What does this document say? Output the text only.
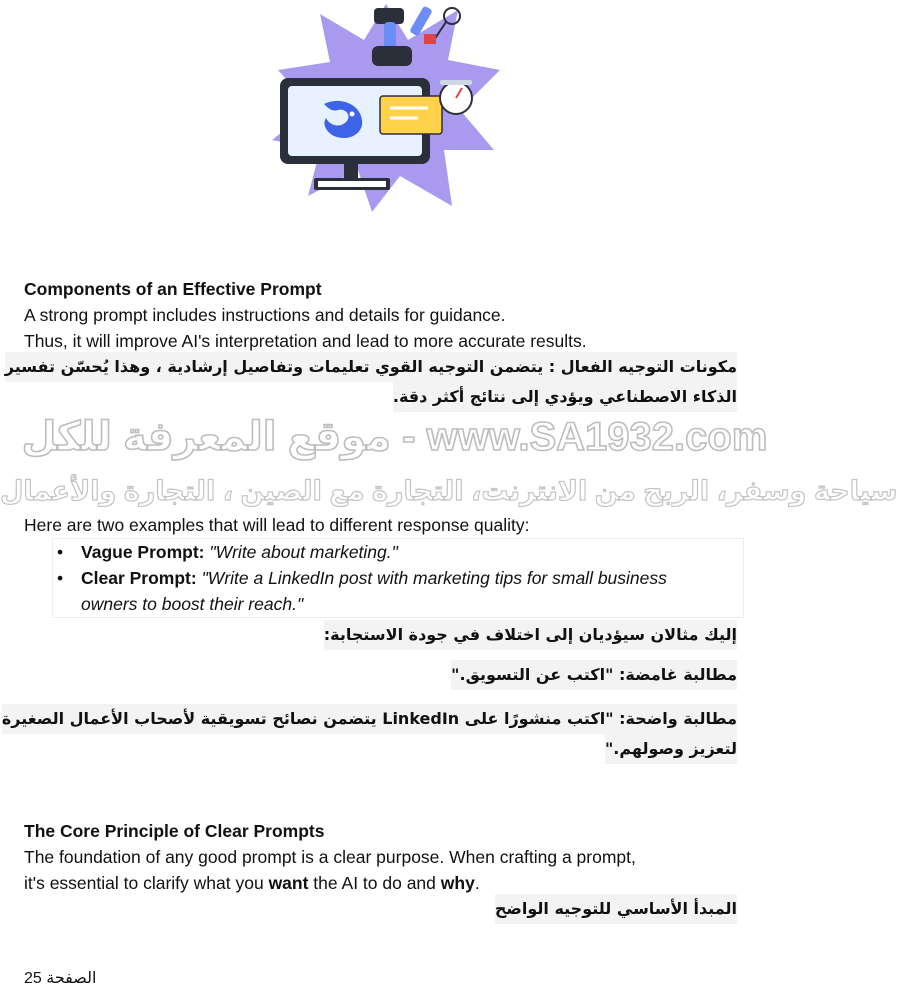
Components of an Effective Prompt
A strong prompt includes instructions and details for guidance.
Thus, it will improve AI's interpretation and lead to more accurate results.
مكونات التوجيه الفعال : يتضمن التوجيه القوي تعليمات وتفاصيل إرشادية ، وهذا يُحسّن تفسير
الذكاء الاصطناعي ويؤدي إلى نتائج أكثر دقة.
موقع المعرفة للكل - www.SA1932.com
سياحة وسفر، الربح من الانترنت، التجارة مع الصين ، التجارة والأعمال
Here are two examples that will lead to different response quality:
• Vague Prompt: "Write about marketing."
• Clear Prompt: "Write a LinkedIn post with marketing tips for small business
owners to boost their reach."
إليك مثالان سيؤديان إلى اختلاف في جودة الاستجابة:
مطالبة غامضة: "اكتب عن التسويق."
مطالبة واضحة: "اكتب منشورًا على LinkedIn يتضمن نصائح تسويقية لأصحاب الأعمال الصغيرة
لتعزيز وصولهم."
The Core Principle of Clear Prompts
The foundation of any good prompt is a clear purpose. When crafting a prompt,
it's essential to clarify what you want the AI to do and why.
المبدأ الأساسي للتوجيه الواضح
الصفحة 25
